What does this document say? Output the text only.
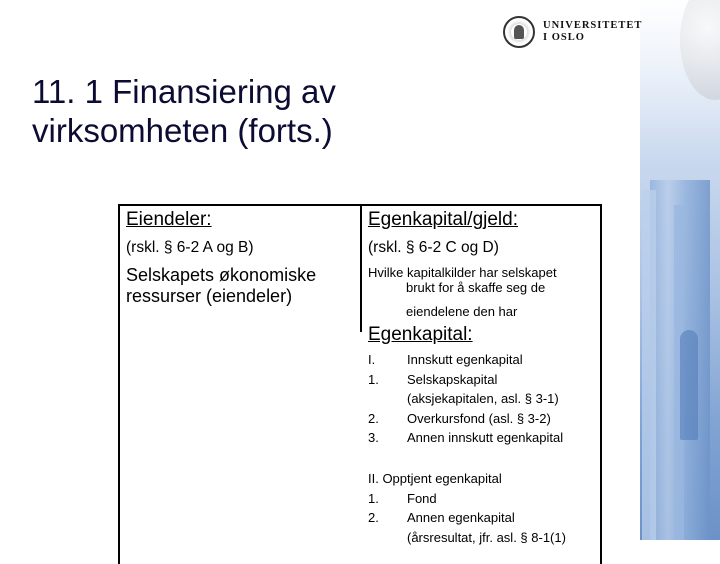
UNIVERSITETET
I OSLO
11. 1 Finansiering av
virksomheten (forts.)
Eiendeler:
(rskl. § 6-2 A og B)
Selskapets økonomiske
ressurser (eiendeler)
Egenkapital/gjeld:
(rskl. § 6-2 C og D)
Hvilke kapitalkilder har selskapet
brukt for å skaffe seg de
eiendelene den har
Egenkapital:
I.	Innskutt egenkapital
1.	Selskapskapital
(aksjekapitalen, asl. § 3-1)
2.	Overkursfond (asl. § 3-2)
3.	Annen innskutt egenkapital
II. Opptjent egenkapital
1.	Fond
2.	Annen egenkapital
(årsresultat, jfr. asl. § 8-1(1)
